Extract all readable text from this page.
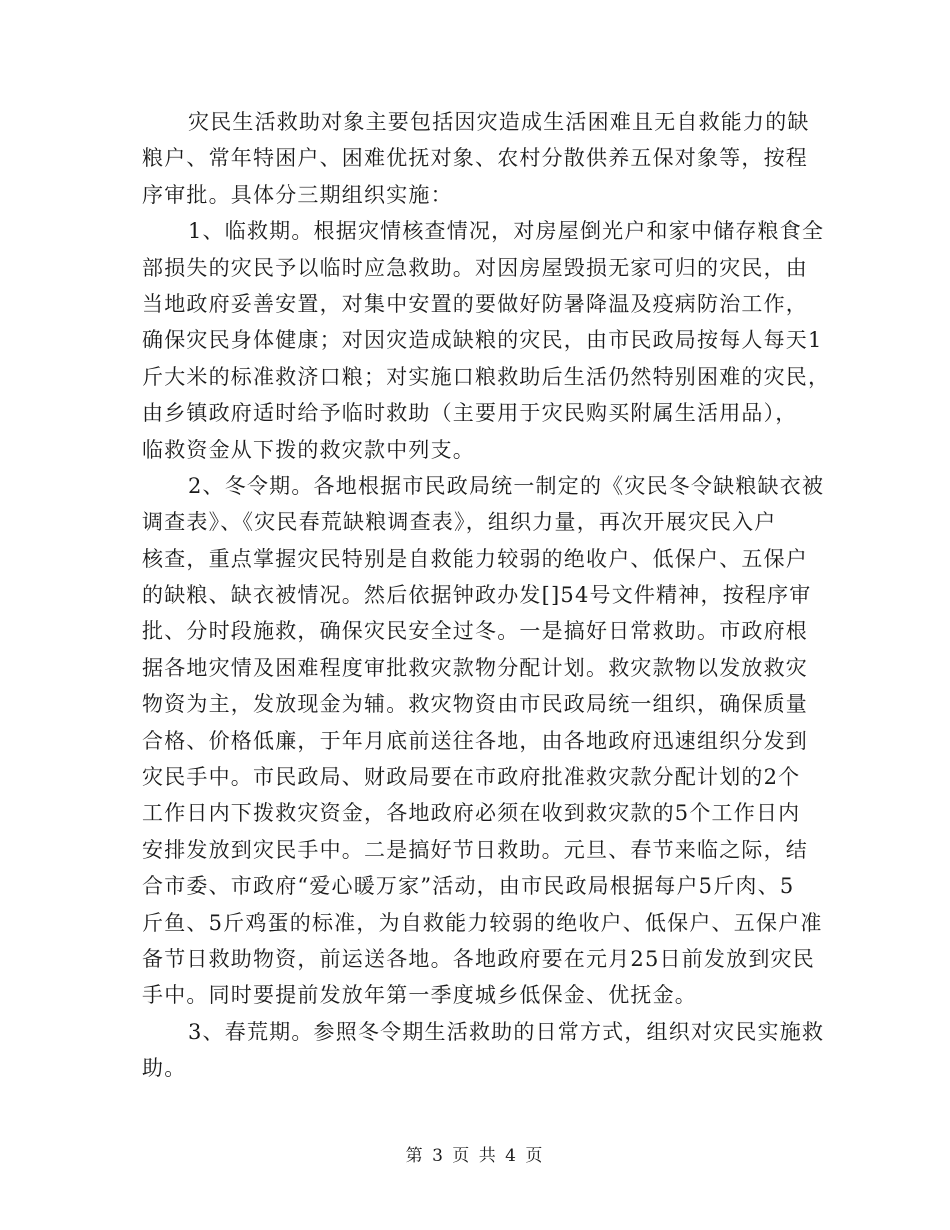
灾民生活救助对象主要包括因灾造成生活困难且无自救能力的缺
粮户、常年特困户、困难优抚对象、农村分散供养五保对象等，按程
序审批。具体分三期组织实施：
1、临救期。根据灾情核查情况，对房屋倒光户和家中储存粮食全
部损失的灾民予以临时应急救助。对因房屋毁损无家可归的灾民，由
当地政府妥善安置，对集中安置的要做好防暑降温及疫病防治工作，
确保灾民身体健康；对因灾造成缺粮的灾民，由市民政局按每人每天1
斤大米的标准救济口粮；对实施口粮救助后生活仍然特别困难的灾民，
由乡镇政府适时给予临时救助（主要用于灾民购买附属生活用品），
临救资金从下拨的救灾款中列支。
2、冬令期。各地根据市民政局统一制定的《灾民冬令缺粮缺衣被
调查表》、《灾民春荒缺粮调查表》，组织力量，再次开展灾民入户
核查，重点掌握灾民特别是自救能力较弱的绝收户、低保户、五保户
的缺粮、缺衣被情况。然后依据钟政办发[]54号文件精神，按程序审
批、分时段施救，确保灾民安全过冬。一是搞好日常救助。市政府根
据各地灾情及困难程度审批救灾款物分配计划。救灾款物以发放救灾
物资为主，发放现金为辅。救灾物资由市民政局统一组织，确保质量
合格、价格低廉，于年月底前送往各地，由各地政府迅速组织分发到
灾民手中。市民政局、财政局要在市政府批准救灾款分配计划的2个
工作日内下拨救灾资金，各地政府必须在收到救灾款的5个工作日内
安排发放到灾民手中。二是搞好节日救助。元旦、春节来临之际，结
合市委、市政府“爱心暖万家”活动，由市民政局根据每户5斤肉、5
斤鱼、5斤鸡蛋的标准，为自救能力较弱的绝收户、低保户、五保户准
备节日救助物资，前运送各地。各地政府要在元月25日前发放到灾民
手中。同时要提前发放年第一季度城乡低保金、优抚金。
3、春荒期。参照冬令期生活救助的日常方式，组织对灾民实施救
助。
第 3 页 共 4 页
